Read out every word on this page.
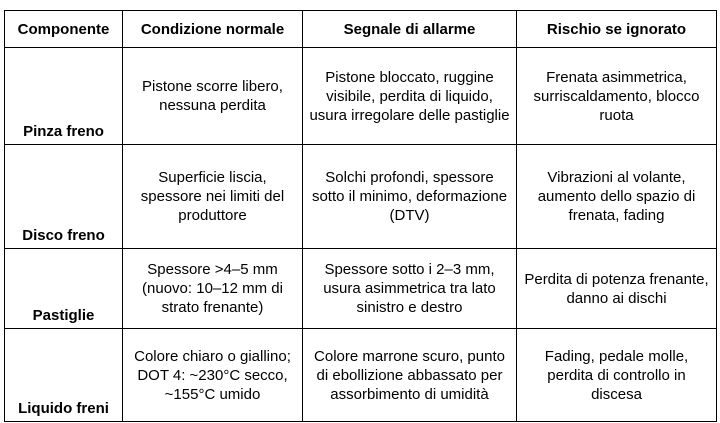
Componente	Condizione normale	Segnale di allarme	Rischio se ignorato
Pinza freno	Pistone scorre libero, nessuna perdita	Pistone bloccato, ruggine visibile, perdita di liquido, usura irregolare delle pastiglie	Frenata asimmetrica, surriscaldamento, blocco ruota

Disco freno	Superficie liscia, spessore nei limiti del produttore	Solchi profondi, spessore sotto il minimo, deformazione (DTV)	Vibrazioni al volante, aumento dello spazio di frenata, fading

Pastiglie	Spessore >4–5 mm (nuovo: 10–12 mm di strato frenante)	Spessore sotto i 2–3 mm, usura asimmetrica tra lato sinistro e destro	Perdita di potenza frenante, danno ai dischi

Liquido freni	Colore chiaro o giallino; DOT 4: ~230°C secco, ~155°C umido	Colore marrone scuro, punto di ebollizione abbassato per assorbimento di umidità	Fading, pedale molle, perdita di controllo in discesa
